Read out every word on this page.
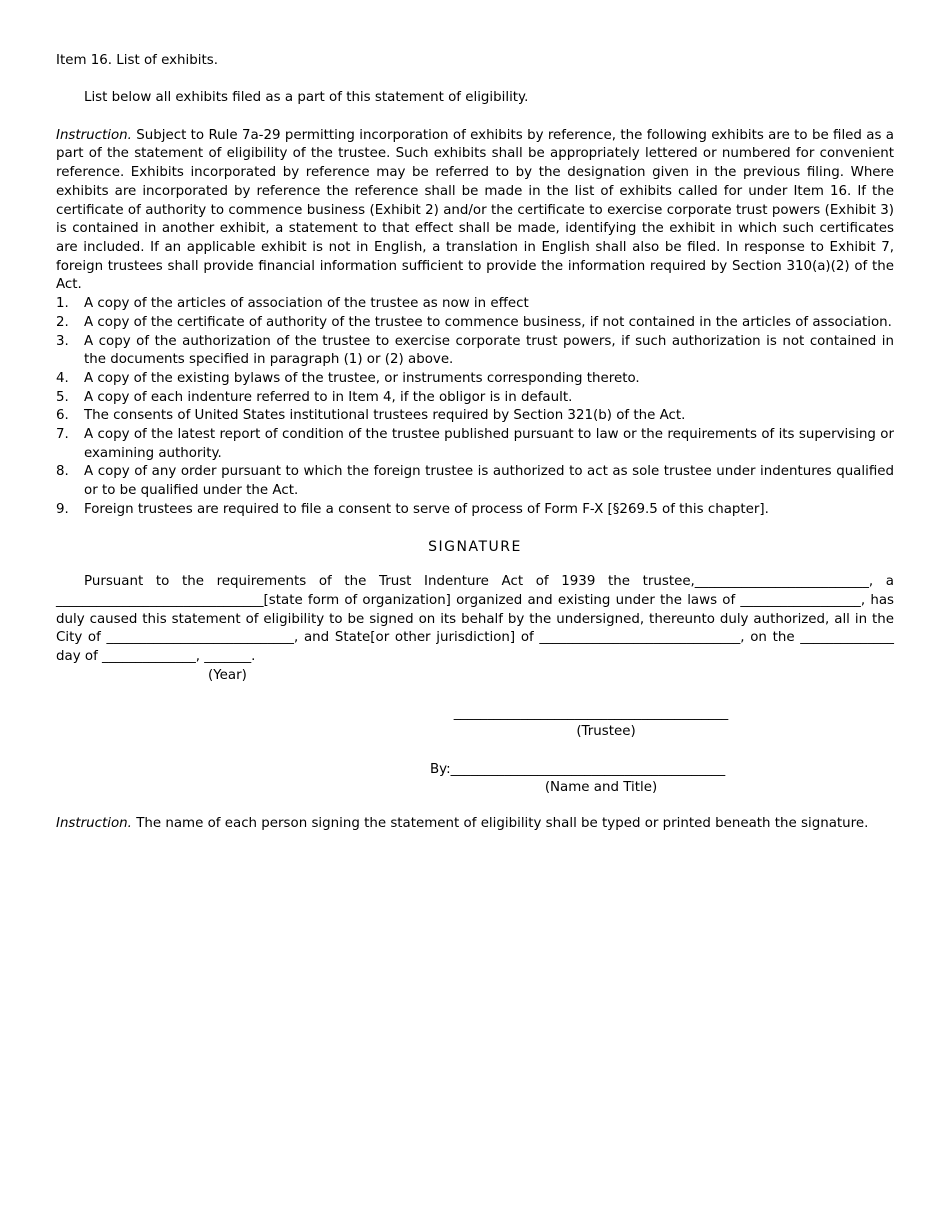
Item 16. List of exhibits.

List below all exhibits filed as a part of this statement of eligibility.

Instruction. Subject to Rule 7a-29 permitting incorporation of exhibits by reference, the following exhibits are to be filed as a part of the statement of eligibility of the trustee. Such exhibits shall be appropriately lettered or numbered for convenient reference. Exhibits incorporated by reference may be referred to by the designation given in the previous filing. Where exhibits are incorporated by reference the reference shall be made in the list of exhibits called for under Item 16. If the certificate of authority to commence business (Exhibit 2) and/or the certificate to exercise corporate trust powers (Exhibit 3) is contained in another exhibit, a statement to that effect shall be made, identifying the exhibit in which such certificates are included. If an applicable exhibit is not in English, a translation in English shall also be filed. In response to Exhibit 7, foreign trustees shall provide financial information sufficient to provide the information required by Section 310(a)(2) of the Act.

1.	A copy of the articles of association of the trustee as now in effect
2.	A copy of the certificate of authority of the trustee to commence business, if not contained in the articles of association.
3.	A copy of the authorization of the trustee to exercise corporate trust powers, if such authorization is not contained in the documents specified in paragraph (1) or (2) above.
4.	A copy of the existing bylaws of the trustee, or instruments corresponding thereto.
5.	A copy of each indenture referred to in Item 4, if the obligor is in default.
6.	The consents of United States institutional trustees required by Section 321(b) of the Act.
7.	A copy of the latest report of condition of the trustee published pursuant to law or the requirements of its supervising or examining authority.
8.	A copy of any order pursuant to which the foreign trustee is authorized to act as sole trustee under indentures qualified or to be qualified under the Act.
9.	Foreign trustees are required to file a consent to serve of process of Form F-X [§269.5 of this chapter].

SIGNATURE

Pursuant to the requirements of the Trust Indenture Act of 1939 the trustee,__________________________, a _______________________________[state form of organization] organized and existing under the laws of __________________, has duly caused this statement of eligibility to be signed on its behalf by the undersigned, thereunto duly authorized, all in the City of ____________________________, and State[or other jurisdiction] of ______________________________, on the ______________ day of ______________, _______.

(Year)

_________________________________________
(Trustee)
By:_________________________________________
(Name and Title)

Instruction. The name of each person signing the statement of eligibility shall be typed or printed beneath the signature.
